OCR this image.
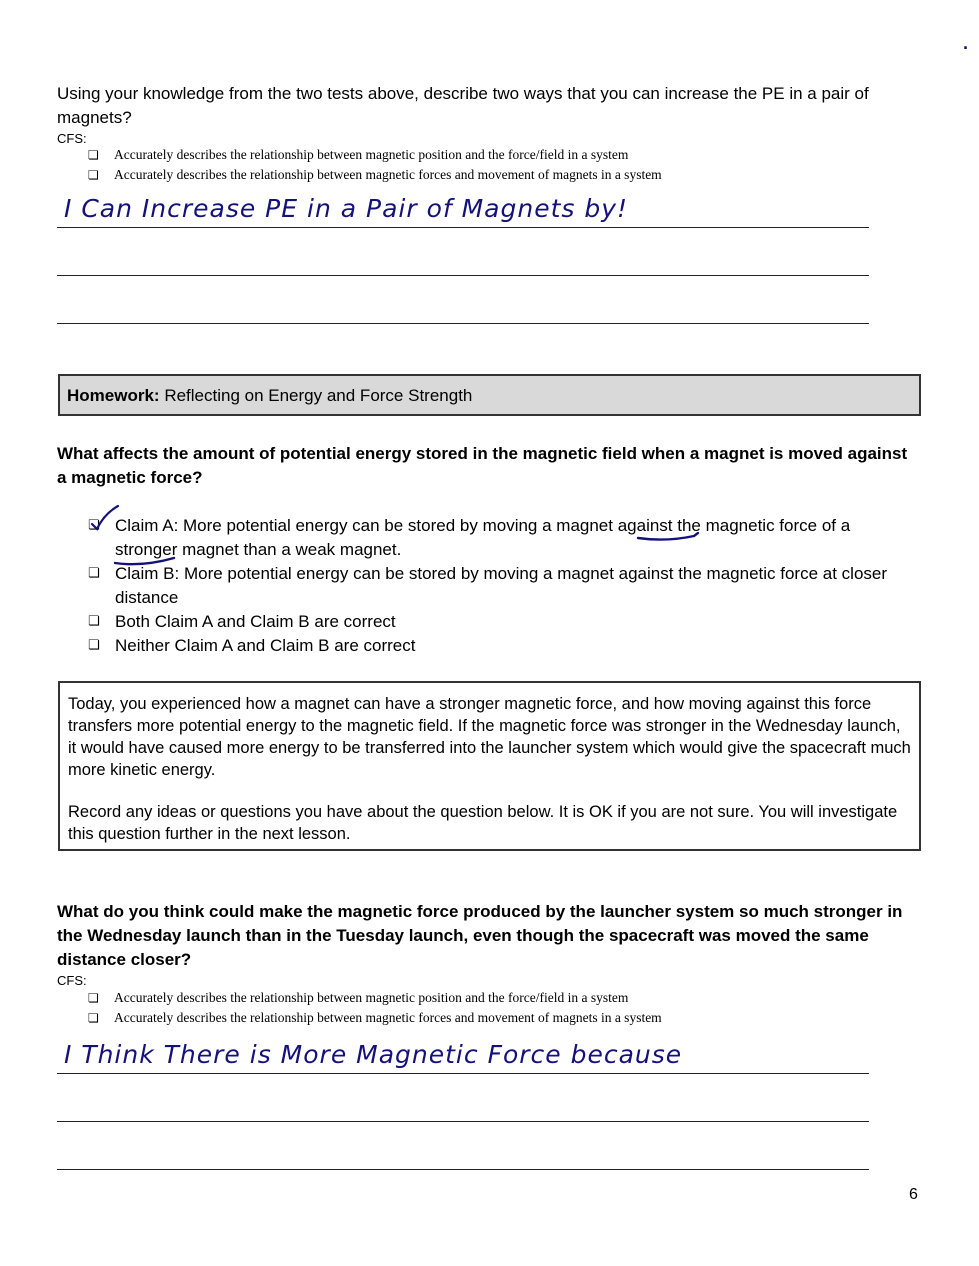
·
Using your knowledge from the two tests above, describe two ways that you can increase the PE in a pair of magnets?
CFS:
❏ Accurately describes the relationship between magnetic position and the force/field in a system
❏ Accurately describes the relationship between magnetic forces and movement of magnets in a system
I Can Increase PE in a Pair of Magnets by!
Homework: Reflecting on Energy and Force Strength
What affects the amount of potential energy stored in the magnetic field when a magnet is moved against a magnetic force?
❏ Claim A: More potential energy can be stored by moving a magnet against the magnetic force of a stronger magnet than a weak magnet.
❏ Claim B: More potential energy can be stored by moving a magnet against the magnetic force at closer distance
❏ Both Claim A and Claim B are correct
❏ Neither Claim A and Claim B are correct
Today, you experienced how a magnet can have a stronger magnetic force, and how moving against this force transfers more potential energy to the magnetic field. If the magnetic force was stronger in the Wednesday launch, it would have caused more energy to be transferred into the launcher system which would give the spacecraft much more kinetic energy.
Record any ideas or questions you have about the question below. It is OK if you are not sure. You will investigate this question further in the next lesson.
What do you think could make the magnetic force produced by the launcher system so much stronger in the Wednesday launch than in the Tuesday launch, even though the spacecraft was moved the same distance closer?
CFS:
❏ Accurately describes the relationship between magnetic position and the force/field in a system
❏ Accurately describes the relationship between magnetic forces and movement of magnets in a system
I Think There is More Magnetic Force because
6
